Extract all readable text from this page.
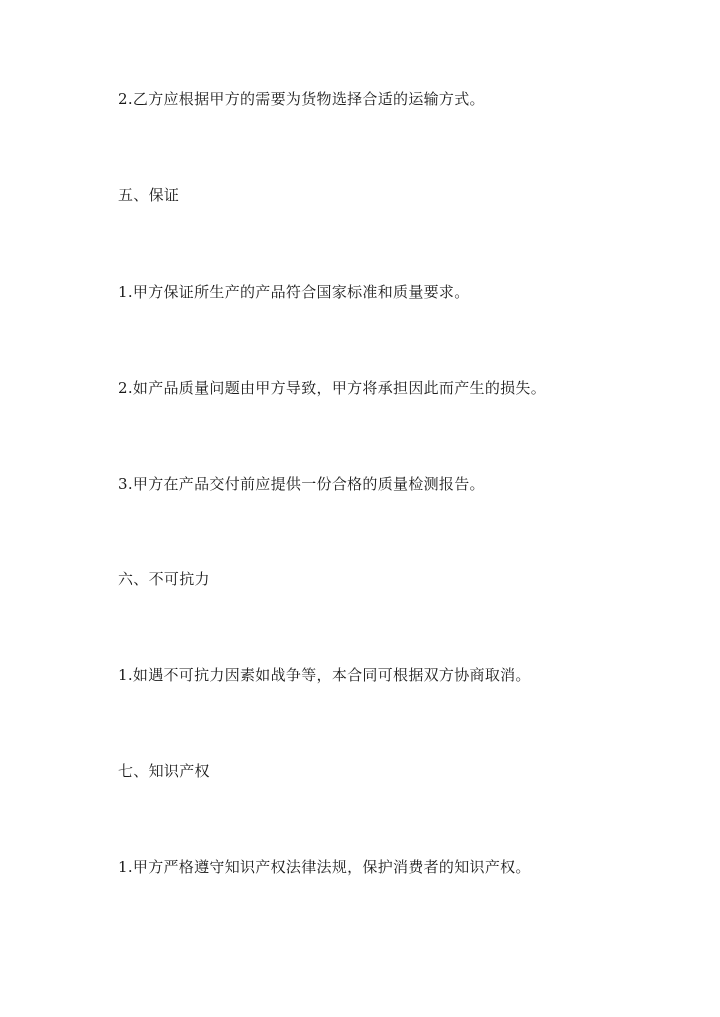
2.乙方应根据甲方的需要为货物选择合适的运输方式。
五、保证
1.甲方保证所生产的产品符合国家标准和质量要求。
2.如产品质量问题由甲方导致，甲方将承担因此而产生的损失。
3.甲方在产品交付前应提供一份合格的质量检测报告。
六、不可抗力
1.如遇不可抗力因素如战争等，本合同可根据双方协商取消。
七、知识产权
1.甲方严格遵守知识产权法律法规，保护消费者的知识产权。
